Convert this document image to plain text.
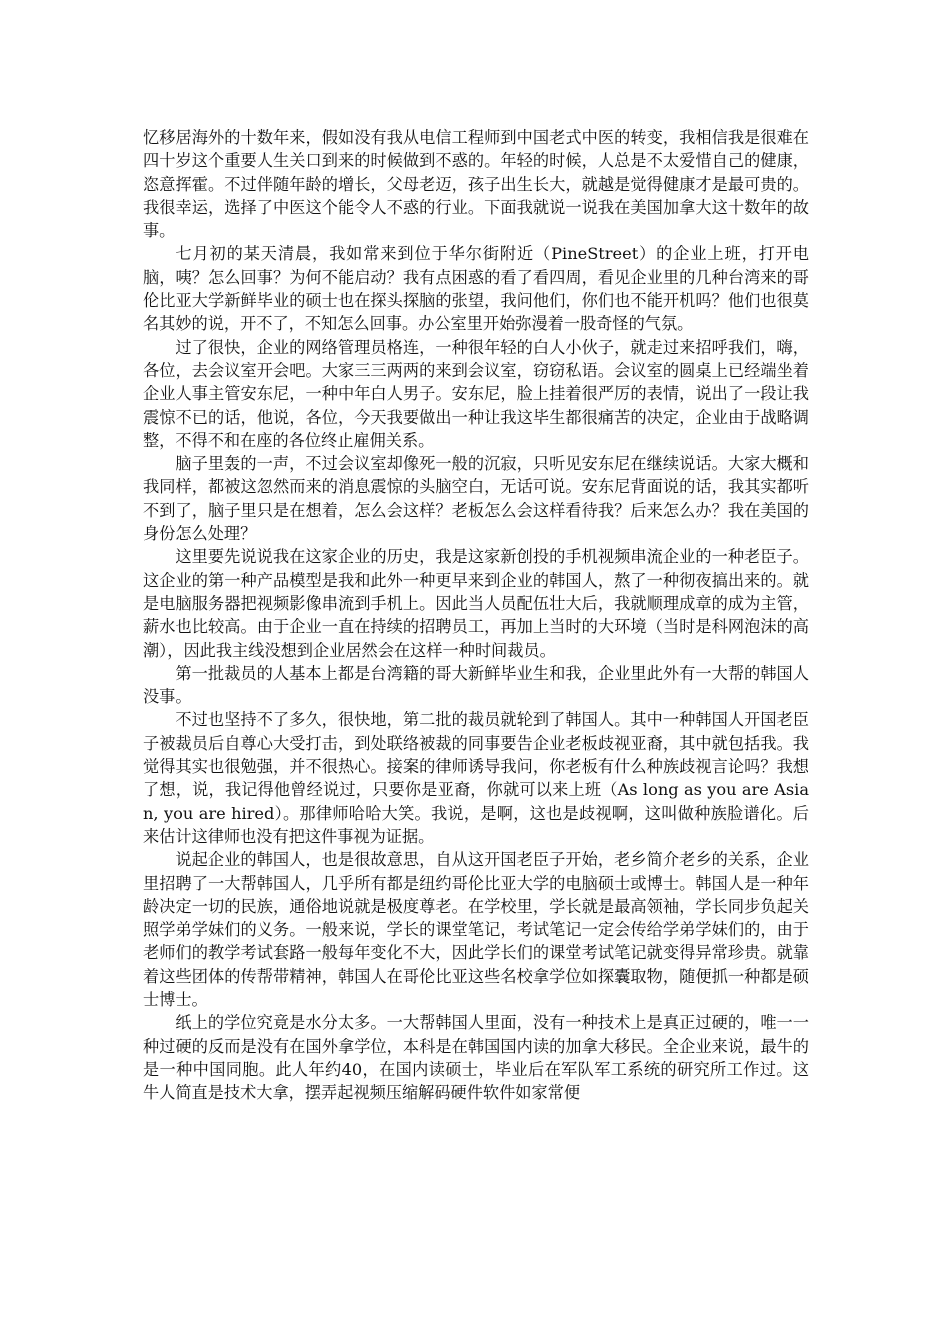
忆移居海外的十数年来，假如没有我从电信工程师到中国老式中医的转变，我相信我是很难在四十岁这个重要人生关口到来的时候做到不惑的。年轻的时候，人总是不太爱惜自己的健康，恣意挥霍。不过伴随年龄的增长，父母老迈，孩子出生长大，就越是觉得健康才是最可贵的。我很幸运，选择了中医这个能令人不惑的行业。下面我就说一说我在美国加拿大这十数年的故事。

七月初的某天清晨，我如常来到位于华尔街附近（PineStreet）的企业上班，打开电脑，咦？怎么回事？为何不能启动？我有点困惑的看了看四周，看见企业里的几种台湾来的哥伦比亚大学新鲜毕业的硕士也在探头探脑的张望，我问他们，你们也不能开机吗？他们也很莫名其妙的说，开不了，不知怎么回事。办公室里开始弥漫着一股奇怪的气氛。

过了很快，企业的网络管理员格连，一种很年轻的白人小伙子，就走过来招呼我们，嗨，各位，去会议室开会吧。大家三三两两的来到会议室，窃窃私语。会议室的圆桌上已经端坐着企业人事主管安东尼，一种中年白人男子。安东尼，脸上挂着很严厉的表情，说出了一段让我震惊不已的话，他说，各位，今天我要做出一种让我这毕生都很痛苦的决定，企业由于战略调整，不得不和在座的各位终止雇佣关系。

脑子里轰的一声，不过会议室却像死一般的沉寂，只听见安东尼在继续说话。大家大概和我同样，都被这忽然而来的消息震惊的头脑空白，无话可说。安东尼背面说的话，我其实都听不到了，脑子里只是在想着，怎么会这样？老板怎么会这样看待我？后来怎么办？我在美国的身份怎么处理？

这里要先说说我在这家企业的历史，我是这家新创投的手机视频串流企业的一种老臣子。这企业的第一种产品模型是我和此外一种更早来到企业的韩国人，熬了一种彻夜搞出来的。就是电脑服务器把视频影像串流到手机上。因此当人员配伍壮大后，我就顺理成章的成为主管，薪水也比较高。由于企业一直在持续的招聘员工，再加上当时的大环境（当时是科网泡沫的高潮），因此我主线没想到企业居然会在这样一种时间裁员。

第一批裁员的人基本上都是台湾籍的哥大新鲜毕业生和我，企业里此外有一大帮的韩国人没事。

不过也坚持不了多久，很快地，第二批的裁员就轮到了韩国人。其中一种韩国人开国老臣子被裁员后自尊心大受打击，到处联络被裁的同事要告企业老板歧视亚裔，其中就包括我。我觉得其实也很勉强，并不很热心。接案的律师诱导我问，你老板有什么种族歧视言论吗？我想了想，说，我记得他曾经说过，只要你是亚裔，你就可以来上班（As long as you are Asian, you are hired）。那律师哈哈大笑。我说，是啊，这也是歧视啊，这叫做种族脸谱化。后来估计这律师也没有把这件事视为证据。

说起企业的韩国人，也是很故意思，自从这开国老臣子开始，老乡简介老乡的关系，企业里招聘了一大帮韩国人，几乎所有都是纽约哥伦比亚大学的电脑硕士或博士。韩国人是一种年龄决定一切的民族，通俗地说就是极度尊老。在学校里，学长就是最高领袖，学长同步负起关照学弟学妹们的义务。一般来说，学长的课堂笔记，考试笔记一定会传给学弟学妹们的，由于老师们的教学考试套路一般每年变化不大，因此学长们的课堂考试笔记就变得异常珍贵。就靠着这些团体的传帮带精神，韩国人在哥伦比亚这些名校拿学位如探囊取物，随便抓一种都是硕士博士。

纸上的学位究竟是水分太多。一大帮韩国人里面，没有一种技术上是真正过硬的，唯一一种过硬的反而是没有在国外拿学位，本科是在韩国国内读的加拿大移民。全企业来说，最牛的是一种中国同胞。此人年约40，在国内读硕士，毕业后在军队军工系统的研究所工作过。这牛人简直是技术大拿，摆弄起视频压缩解码硬件软件如家常便
